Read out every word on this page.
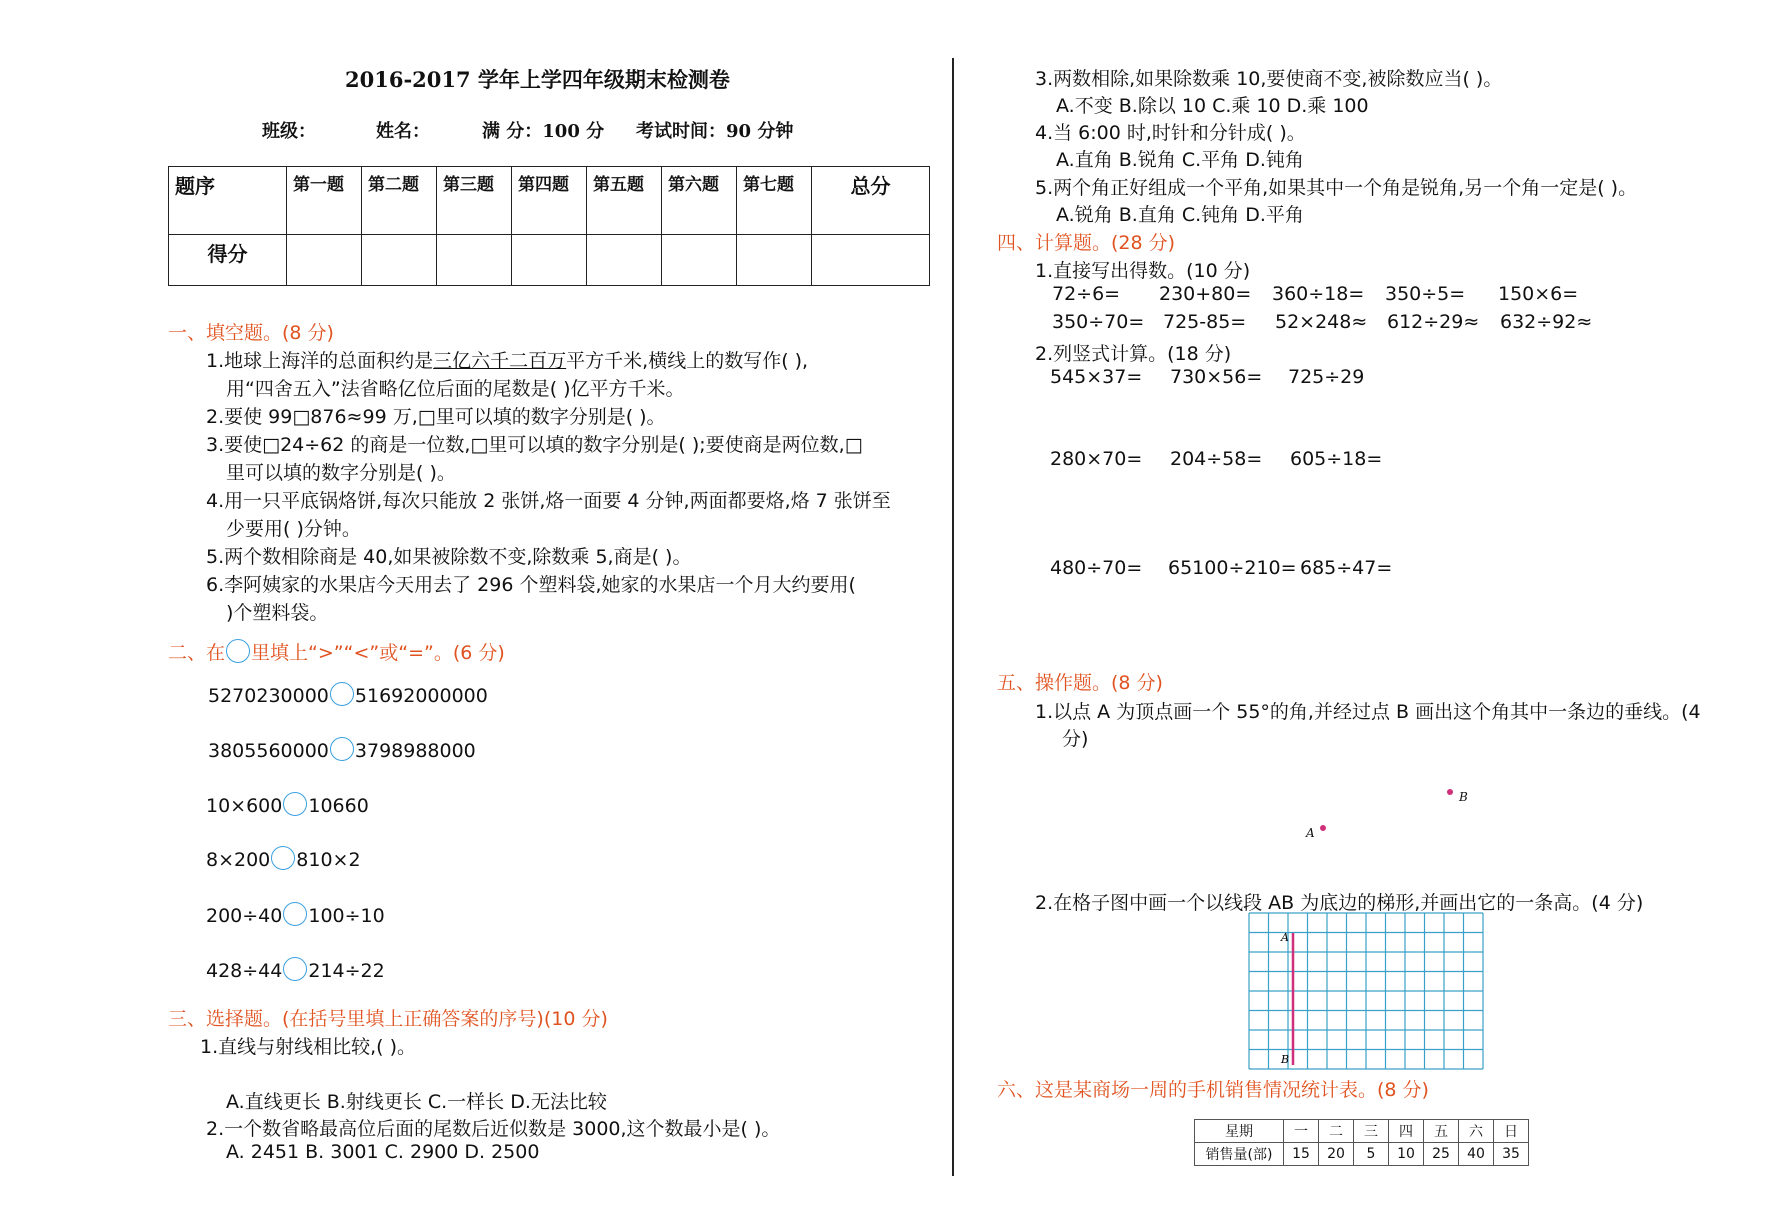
2016-2017 学年上学四年级期末检测卷
班级：	姓名：	满 分：100 分 考试时间：90 分钟
题序	第一题	第二题	第三题	第四题	第五题	第六题	第七题	总分
得分								
一、填空题。(8 分)
1.地球上海洋的总面积约是三亿六千二百万平方千米,横线上的数写作( ),
用“四舍五入”法省略亿位后面的尾数是( )亿平方千米。
2.要使 99□876≈99 万,□里可以填的数字分别是( )。
3.要使□24÷62 的商是一位数,□里可以填的数字分别是( );要使商是两位数,□
里可以填的数字分别是( )。
4.用一只平底锅烙饼,每次只能放 2 张饼,烙一面要 4 分钟,两面都要烙,烙 7 张饼至
少要用( )分钟。
5.两个数相除商是 40,如果被除数不变,除数乘 5,商是( )。
6.李阿姨家的水果店今天用去了 296 个塑料袋,她家的水果店一个月大约要用(
)个塑料袋。
二、在 里填上“>”“<”或“=”。(6 分)
5270230000 51692000000
3805560000 3798988000
10×600 10660
8×200 810×2
200÷40 100÷10
428÷44 214÷22
三、选择题。(在括号里填上正确答案的序号)(10 分)
1.直线与射线相比较,( )。
A.直线更长 B.射线更长 C.一样长 D.无法比较
2.一个数省略最高位后面的尾数后近似数是 3000,这个数最小是( )。
A. 2451 B. 3001 C. 2900 D. 2500
3.两数相除,如果除数乘 10,要使商不变,被除数应当( )。
A.不变 B.除以 10 C.乘 10 D.乘 100
4.当 6:00 时,时针和分针成( )。
A.直角 B.锐角 C.平角 D.钝角
5.两个角正好组成一个平角,如果其中一个角是锐角,另一个角一定是( )。
A.锐角 B.直角 C.钝角 D.平角
四、计算题。(28 分)
1.直接写出得数。(10 分)
72÷6= 230+80= 360÷18= 350÷5= 150×6=
350÷70= 725-85= 52×248≈ 612÷29≈ 632÷92≈
2.列竖式计算。(18 分)
545×37= 730×56= 725÷29
280×70= 204÷58= 605÷18=
480÷70= 65100÷210= 685÷47=
五、操作题。(8 分)
1.以点 A 为顶点画一个 55°的角,并经过点 B 画出这个角其中一条边的垂线。(4
分)
B
A
2.在格子图中画一个以线段 AB 为底边的梯形,并画出它的一条高。(4 分)
A
B
六、这是某商场一周的手机销售情况统计表。(8 分)
星期	一	二	三	四	五	六	日
销售量(部)	15	20	5	10	25	40	35
